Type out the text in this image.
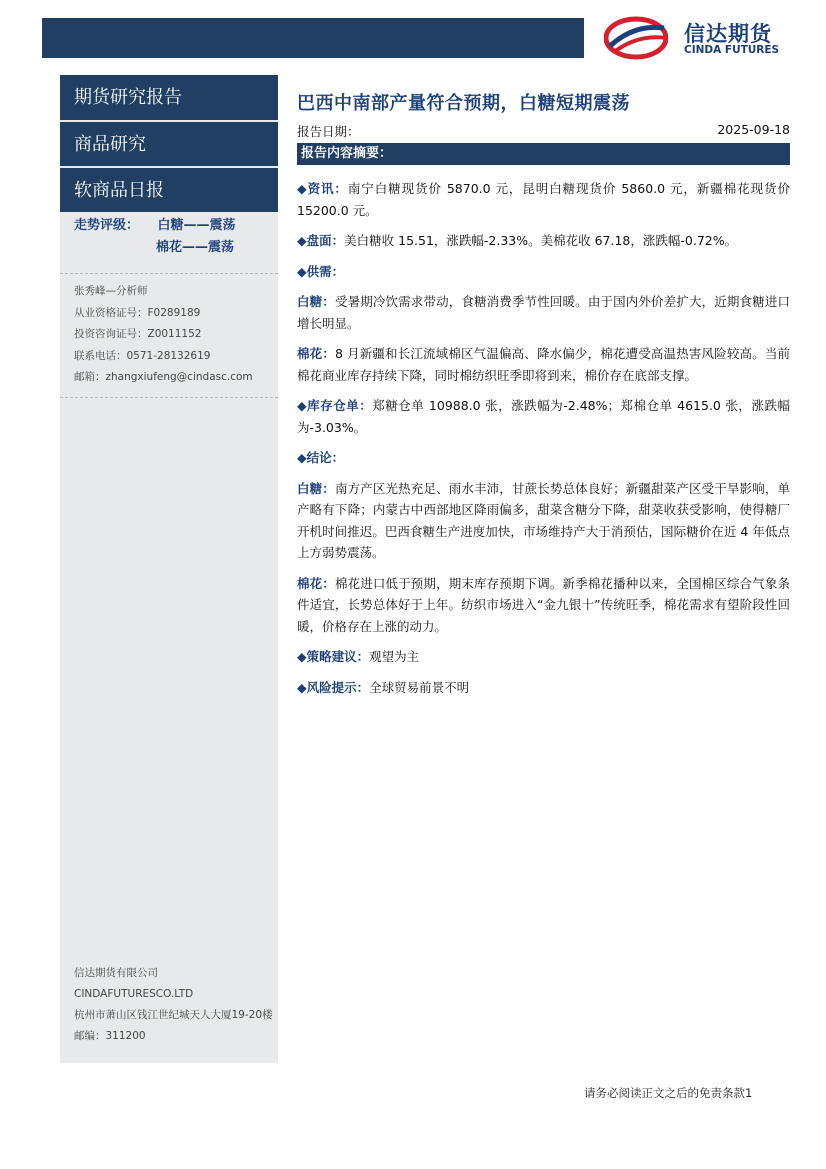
信达期货
CINDA FUTURES
期货研究报告
商品研究
软商品日报
走势评级： 白糖——震荡
棉花——震荡
张秀峰—分析师
从业资格证号：F0289189
投资咨询证号：Z0011152
联系电话：0571-28132619
邮箱：zhangxiufeng@cindasc.com
信达期货有限公司
CINDAFUTURESCO.LTD
杭州市萧山区钱江世纪城天人大厦19-20楼
邮编：311200
巴西中南部产量符合预期，白糖短期震荡
报告日期：	2025-09-18
报告内容摘要：

◆资讯：南宁白糖现货价 5870.0 元，昆明白糖现货价 5860.0 元，新疆棉花现货价 15200.0 元。

◆盘面：美白糖收 15.51，涨跌幅-2.33%。美棉花收 67.18，涨跌幅-0.72%。

◆供需：

白糖：受暑期冷饮需求带动，食糖消费季节性回暖。由于国内外价差扩大，近期食糖进口增长明显。

棉花：8 月新疆和长江流域棉区气温偏高、降水偏少，棉花遭受高温热害风险较高。当前棉花商业库存持续下降，同时棉纺织旺季即将到来，棉价存在底部支撑。

◆库存仓单：郑糖仓单 10988.0 张，涨跌幅为-2.48%；郑棉仓单 4615.0 张，涨跌幅为-3.03%。

◆结论：

白糖：南方产区光热充足、雨水丰沛，甘蔗长势总体良好；新疆甜菜产区受干旱影响，单产略有下降；内蒙古中西部地区降雨偏多，甜菜含糖分下降，甜菜收获受影响，使得糖厂开机时间推迟。巴西食糖生产进度加快，市场维持产大于消预估，国际糖价在近 4 年低点上方弱势震荡。

棉花：棉花进口低于预期，期末库存预期下调。新季棉花播种以来，全国棉区综合气象条件适宜，长势总体好于上年。纺织市场进入“金九银十”传统旺季，棉花需求有望阶段性回暖，价格存在上涨的动力。

◆策略建议：观望为主

◆风险提示：全球贸易前景不明

请务必阅读正文之后的免责条款1
